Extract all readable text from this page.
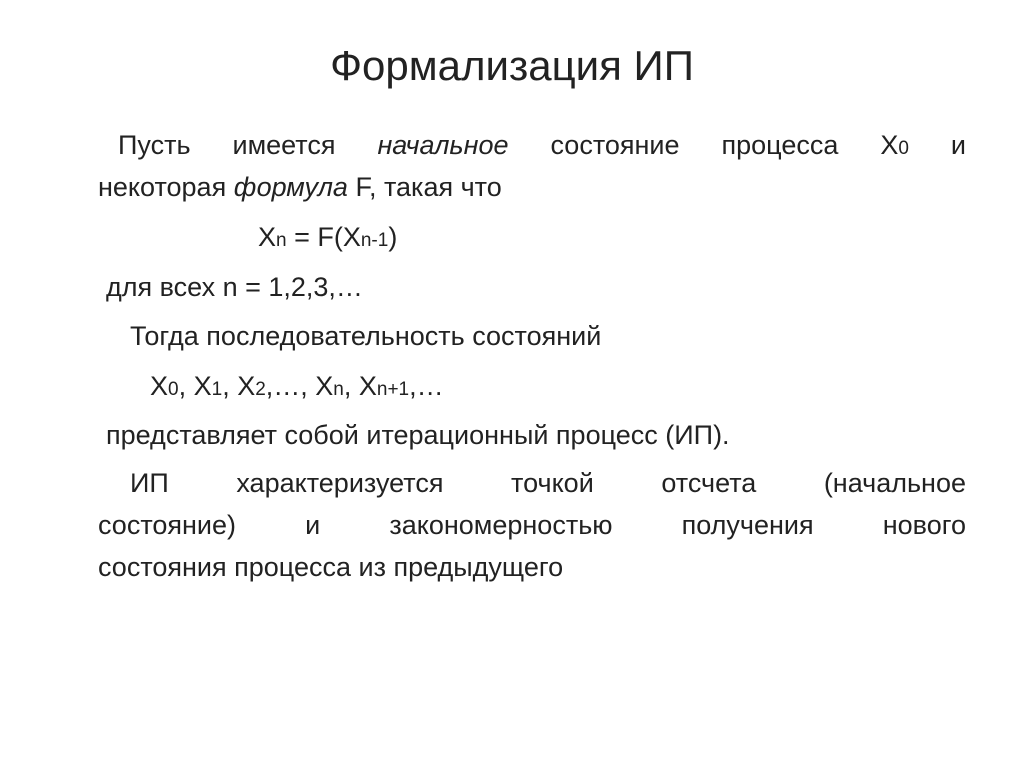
Формализация ИП
Пусть имеется начальное состояние процесса X0 и
некоторая формула F, такая что
Xn = F(Xn-1)
для всех n = 1,2,3,…
Тогда последовательность состояний
X0, X1, X2,…, Xn, Xn+1,…
представляет собой итерационный процесс (ИП).
ИП характеризуется точкой отсчета (начальное
состояние) и закономерностью получения нового
состояния процесса из предыдущего
